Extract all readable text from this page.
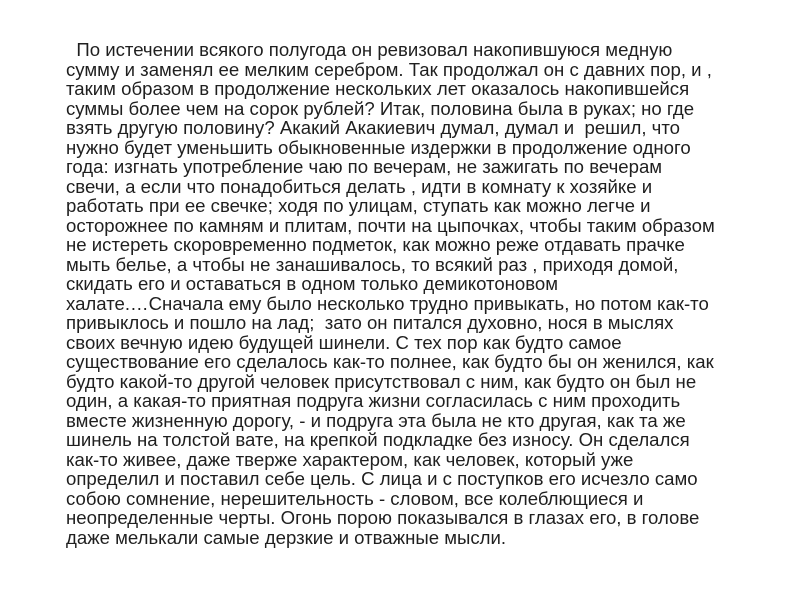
По истечении всякого полугода он ревизовал накопившуюся медную
сумму и заменял ее мелким серебром. Так продолжал он с давних пор, и ,
таким образом в продолжение нескольких лет оказалось накопившейся
суммы более чем на сорок рублей? Итак, половина была в руках; но где
взять другую половину? Акакий Акакиевич думал, думал и  решил, что
нужно будет уменьшить обыкновенные издержки в продолжение одного
года: изгнать употребление чаю по вечерам, не зажигать по вечерам
свечи, а если что понадобиться делать , идти в комнату к хозяйке и
работать при ее свечке; ходя по улицам, ступать как можно легче и
осторожнее по камням и плитам, почти на цыпочках, чтобы таким образом
не истереть скоровременно подметок, как можно реже отдавать прачке
мыть белье, а чтобы не занашивалось, то всякий раз , приходя домой,
скидать его и оставаться в одном только демикотоновом
халате.…Сначала ему было несколько трудно привыкать, но потом как-то
привыклось и пошло на лад;  зато он питался духовно, нося в мыслях
своих вечную идею будущей шинели. С тех пор как будто самое
существование его сделалось как-то полнее, как будто бы он женился, как
будто какой-то другой человек присутствовал с ним, как будто он был не
один, а какая-то приятная подруга жизни согласилась с ним проходить
вместе жизненную дорогу, - и подруга эта была не кто другая, как та же
шинель на толстой вате, на крепкой подкладке без износу. Он сделался
как-то живее, даже тверже характером, как человек, который уже
определил и поставил себе цель. С лица и с поступков его исчезло само
собою сомнение, нерешительность - словом, все колеблющиеся и
неопределенные черты. Огонь порою показывался в глазах его, в голове
даже мелькали самые дерзкие и отважные мысли.
